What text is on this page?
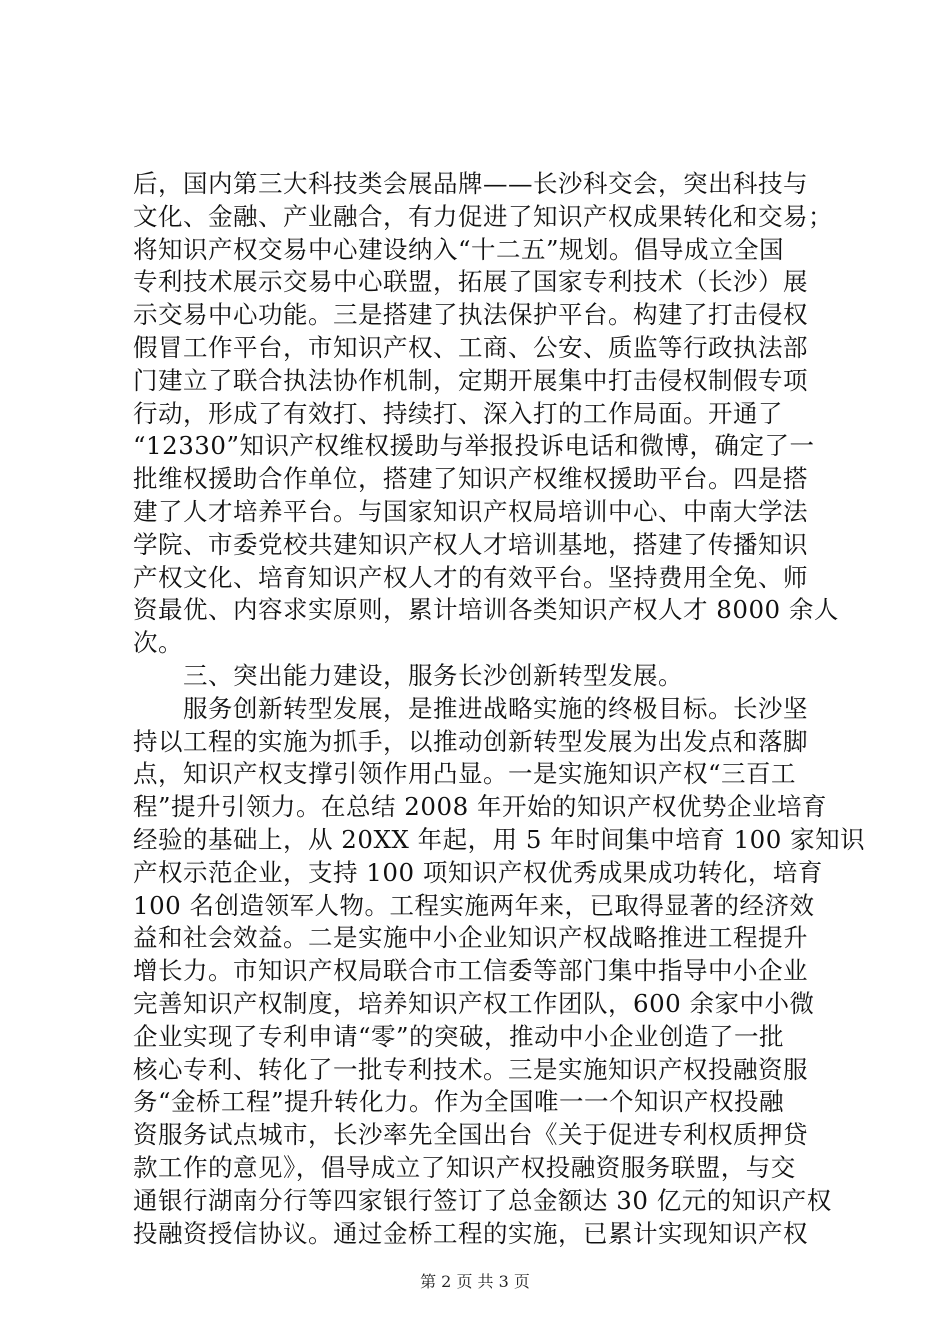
后，国内第三大科技类会展品牌——长沙科交会，突出科技与
文化、金融、产业融合，有力促进了知识产权成果转化和交易；
将知识产权交易中心建设纳入“十二五”规划。倡导成立全国
专利技术展示交易中心联盟，拓展了国家专利技术（长沙）展
示交易中心功能。三是搭建了执法保护平台。构建了打击侵权
假冒工作平台，市知识产权、工商、公安、质监等行政执法部
门建立了联合执法协作机制，定期开展集中打击侵权制假专项
行动，形成了有效打、持续打、深入打的工作局面。开通了
“12330”知识产权维权援助与举报投诉电话和微博，确定了一
批维权援助合作单位，搭建了知识产权维权援助平台。四是搭
建了人才培养平台。与国家知识产权局培训中心、中南大学法
学院、市委党校共建知识产权人才培训基地，搭建了传播知识
产权文化、培育知识产权人才的有效平台。坚持费用全免、师
资最优、内容求实原则，累计培训各类知识产权人才 8000 余人
次。
　　三、突出能力建设，服务长沙创新转型发展。
　　服务创新转型发展，是推进战略实施的终极目标。长沙坚
持以工程的实施为抓手，以推动创新转型发展为出发点和落脚
点，知识产权支撑引领作用凸显。一是实施知识产权“三百工
程”提升引领力。在总结 2008 年开始的知识产权优势企业培育
经验的基础上，从 20XX 年起，用 5 年时间集中培育 100 家知识
产权示范企业，支持 100 项知识产权优秀成果成功转化，培育
100 名创造领军人物。工程实施两年来，已取得显著的经济效
益和社会效益。二是实施中小企业知识产权战略推进工程提升
增长力。市知识产权局联合市工信委等部门集中指导中小企业
完善知识产权制度，培养知识产权工作团队，600 余家中小微
企业实现了专利申请“零”的突破，推动中小企业创造了一批
核心专利、转化了一批专利技术。三是实施知识产权投融资服
务“金桥工程”提升转化力。作为全国唯一一个知识产权投融
资服务试点城市，长沙率先全国出台《关于促进专利权质押贷
款工作的意见》，倡导成立了知识产权投融资服务联盟，与交
通银行湖南分行等四家银行签订了总金额达 30 亿元的知识产权
投融资授信协议。通过金桥工程的实施，已累计实现知识产权
第 2 页 共 3 页
